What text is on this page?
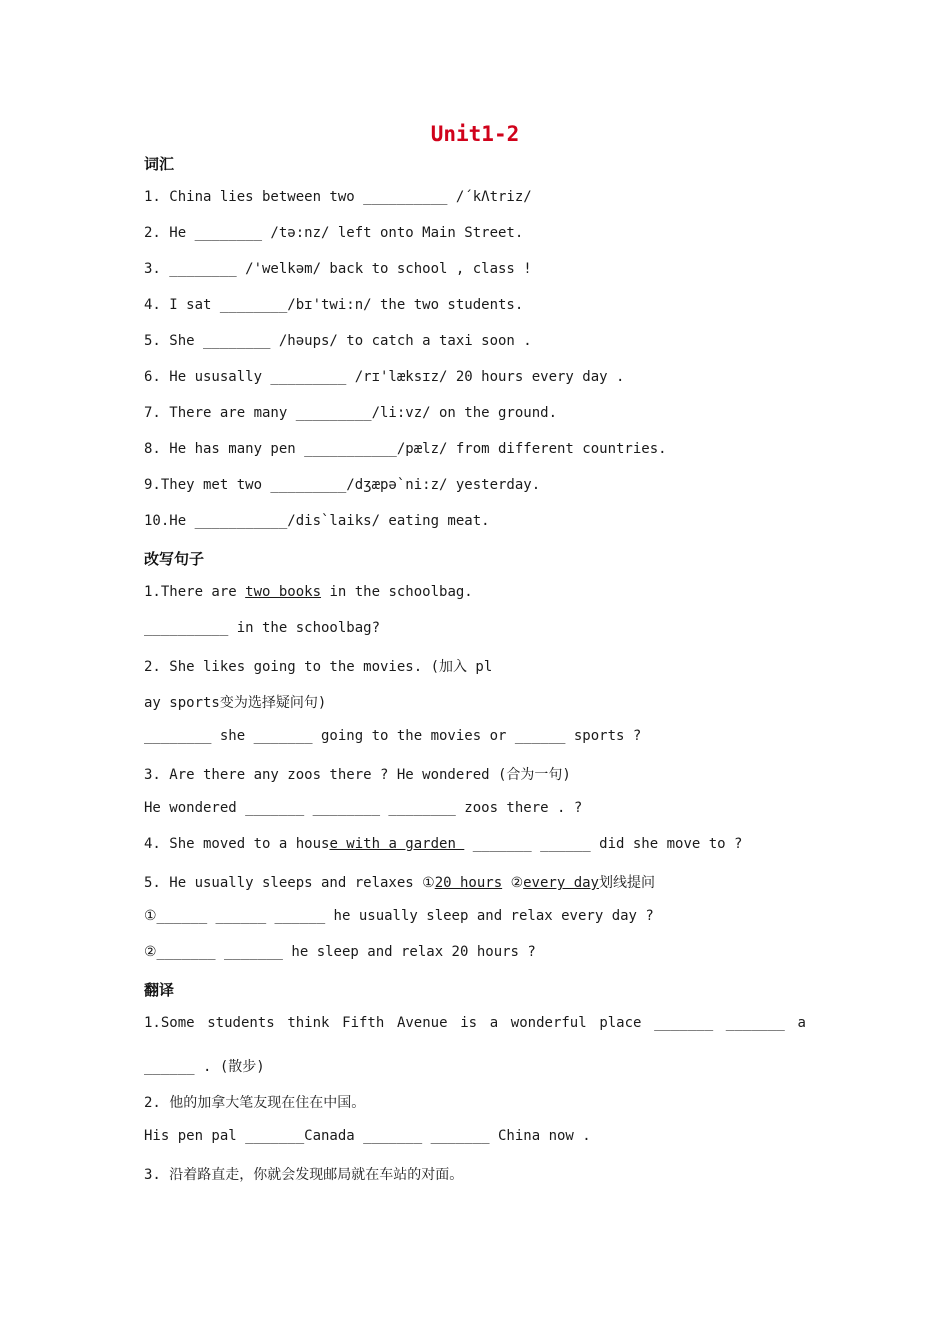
Unit1-2
词汇
1. China lies between two __________ /΄kΛtriz/
2. He ________ /tə:nz/ left onto Main Street.
3. ________ /'welkəm/ back to school , class !
4. I sat ________/bɪ'twi:n/ the two students.
5. She ________ /həups/ to catch a taxi soon .
6. He ususally _________ /rɪ'læksɪz/ 20 hours every day .
7. There are many _________/li:vz/ on the ground.
8. He has many pen ___________/pælz/ from different countries.
9.They met two _________/dʒæpə`ni:z/ yesterday.
10.He ___________/dis`laiks/ eating meat.
改写句子
1.There are two books in the schoolbag.
__________ in the schoolbag?
2. She likes going to the movies. (加入 pl
ay sports变为选择疑问句)
________ she _______ going to the movies or ______ sports ?
3. Are there any zoos there ? He wondered (合为一句)
He wondered _______ ________ ________ zoos there . ?
4. She moved to a house with a garden  _______ ______ did she move to ?
5. He usually sleeps and relaxes ①20 hours ②every day划线提问
①______ ______ ______ he usually sleep and relax every day ?
②_______ _______ he sleep and relax 20 hours ?
翻译
1.Some students think Fifth Avenue is a wonderful place _______ _______ a
______ . (散步)
2. 他的加拿大笔友现在住在中国。
His pen pal _______Canada _______ _______ China now .
3. 沿着路直走，你就会发现邮局就在车站的对面。
